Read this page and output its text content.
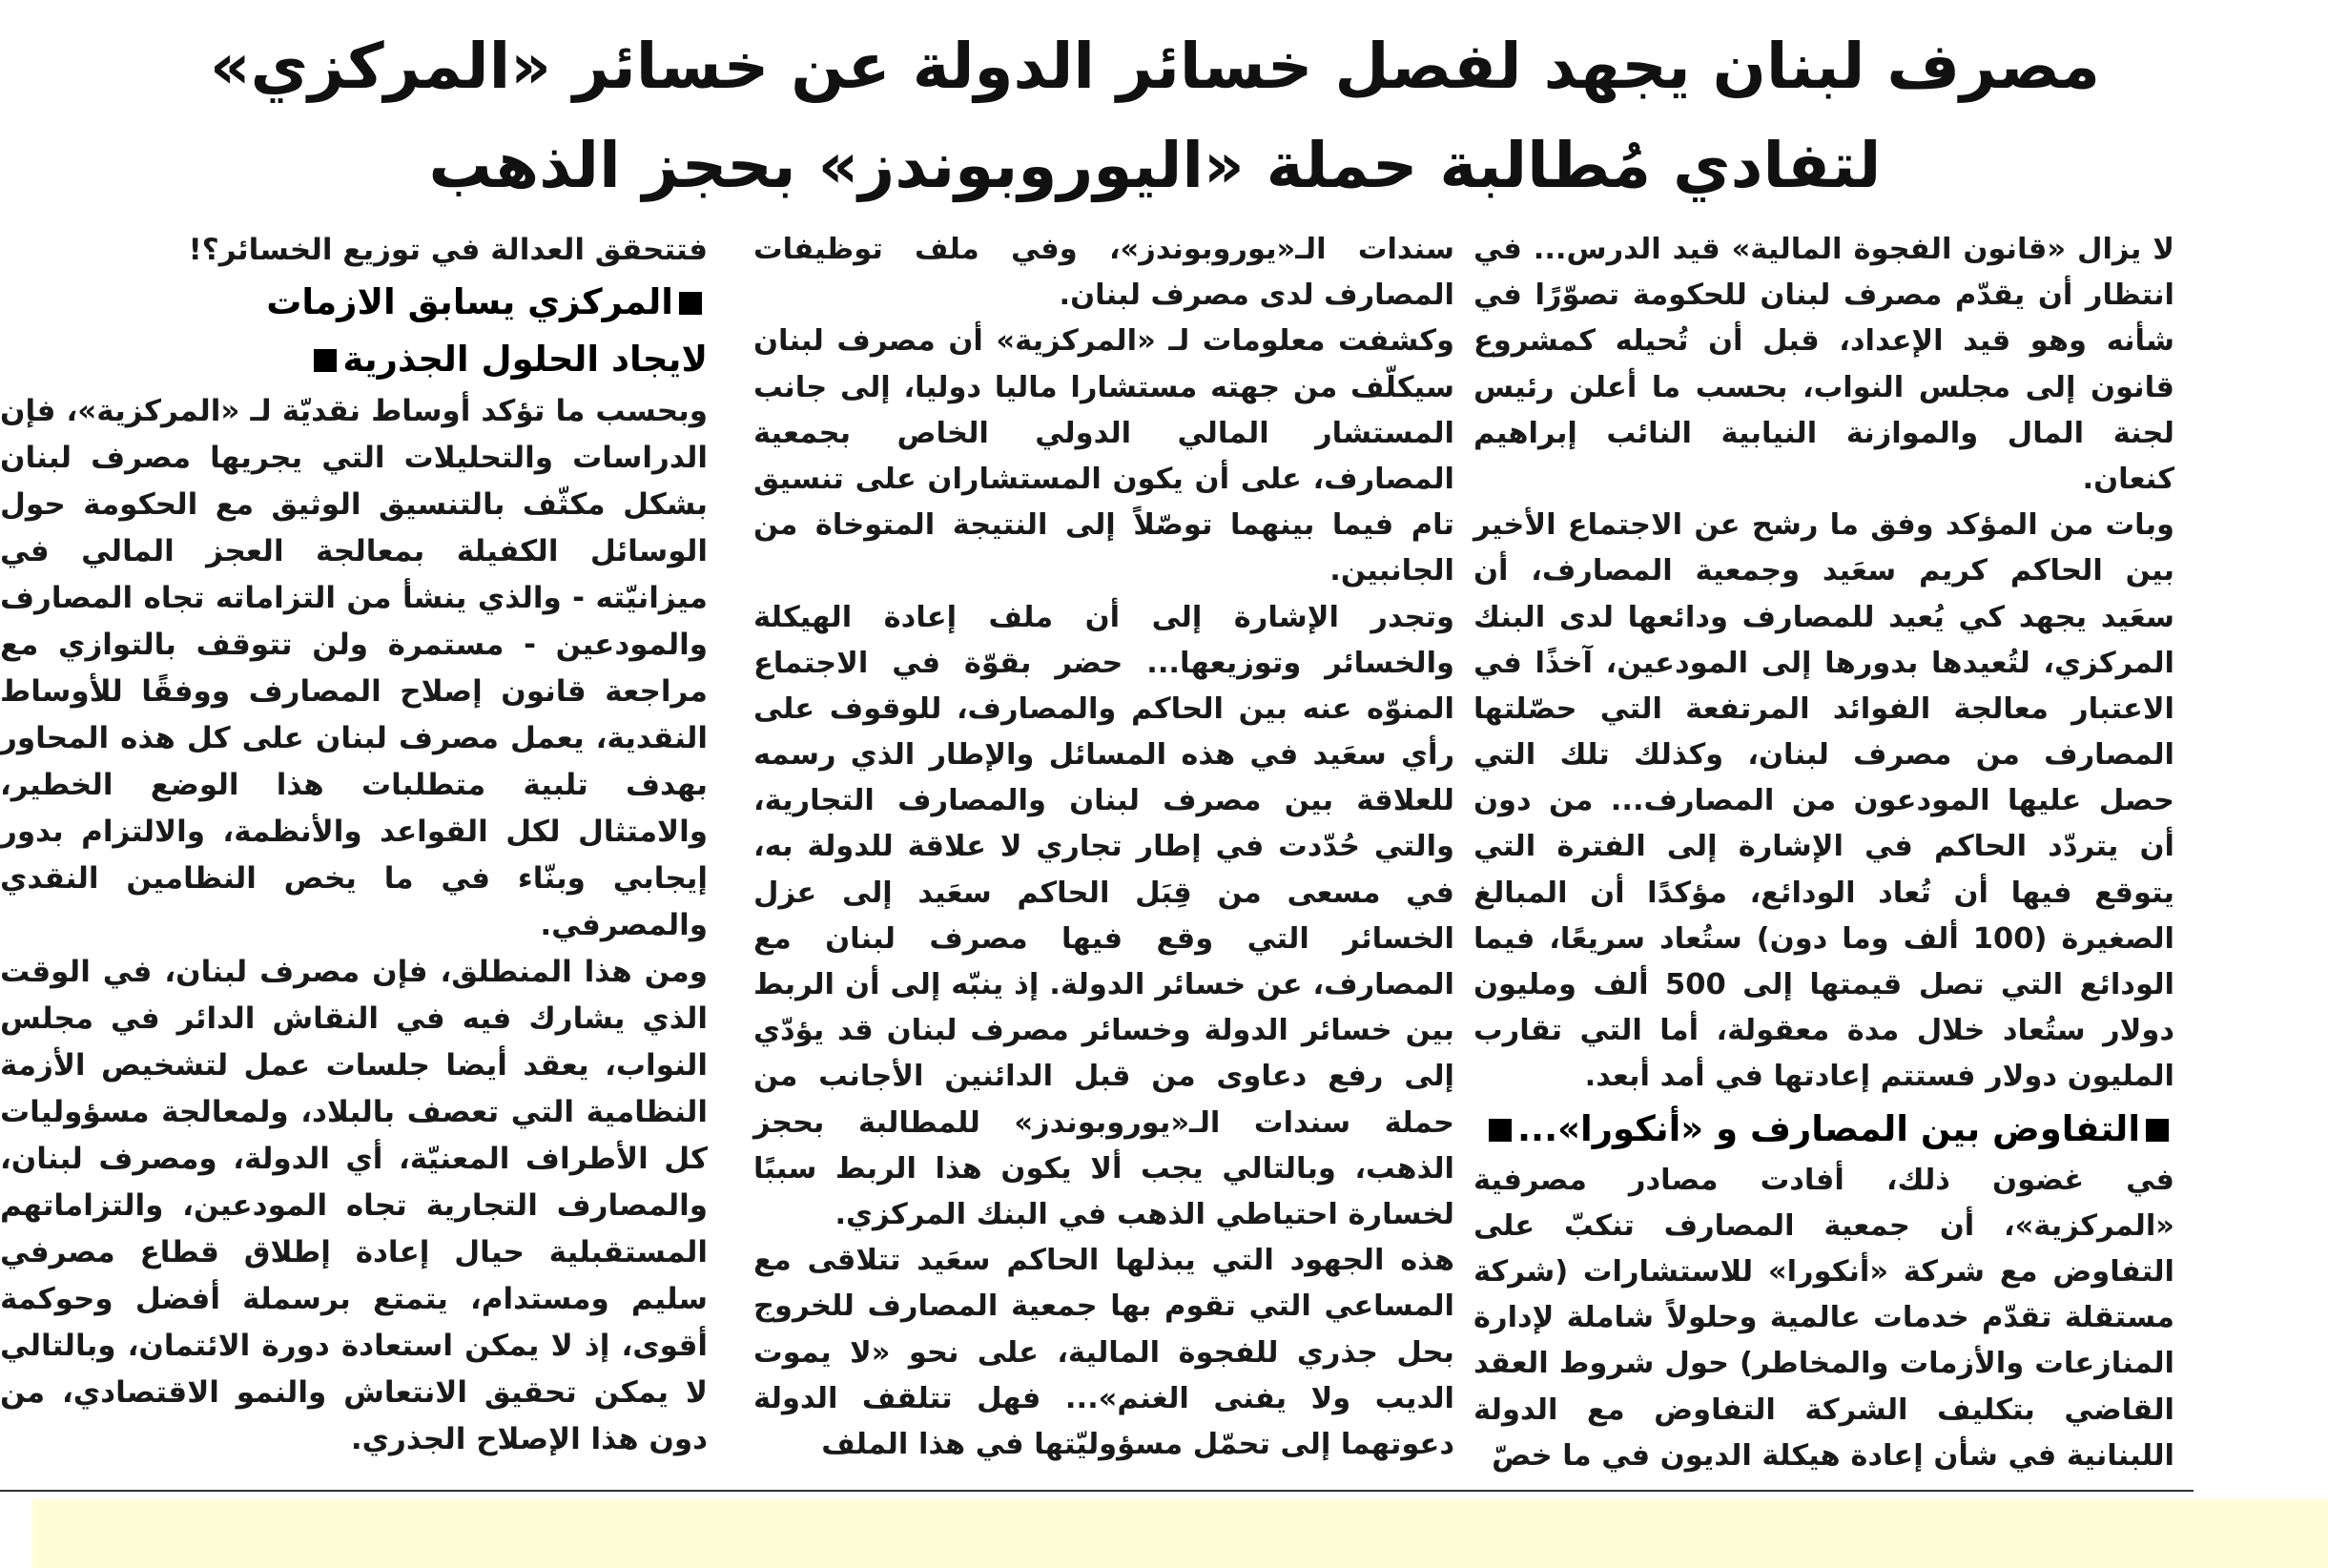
مصرف لبنان يجهد لفصل خسائر الدولة عن خسائر «المركزي»
لتفادي مُطالبة حملة «اليوروبوندز» بحجز الذهب

لا يزال «قانون الفجوة المالية» قيد الدرس... في انتظار أن يقدّم مصرف لبنان للحكومة تصوّرًا في شأنه وهو قيد الإعداد، قبل أن تُحيله كمشروع قانون إلى مجلس النواب، بحسب ما أعلن رئيس لجنة المال والموازنة النيابية النائب إبراهيم كنعان.

وبات من المؤكد وفق ما رشح عن الاجتماع الأخير بين الحاكم كريم سعَيد وجمعية المصارف، أن سعَيد يجهد كي يُعيد للمصارف ودائعها لدى البنك المركزي، لتُعيدها بدورها إلى المودعين، آخذًا في الاعتبار معالجة الفوائد المرتفعة التي حصّلتها المصارف من مصرف لبنان، وكذلك تلك التي حصل عليها المودعون من المصارف... من دون أن يتردّد الحاكم في الإشارة إلى الفترة التي يتوقع فيها أن تُعاد الودائع، مؤكدًا أن المبالغ الصغيرة (100 ألف وما دون) ستُعاد سريعًا، فيما الودائع التي تصل قيمتها إلى 500 ألف ومليون دولار ستُعاد خلال مدة معقولة، أما التي تقارب المليون دولار فستتم إعادتها في أمد أبعد.

التفاوض بين المصارف و «أنكورا»...

في غضون ذلك، أفادت مصادر مصرفية «المركزية»، أن جمعية المصارف تنكبّ على التفاوض مع شركة «أنكورا» للاستشارات (شركة مستقلة تقدّم خدمات عالمية وحلولاً شاملة لإدارة المنازعات والأزمات والمخاطر) حول شروط العقد القاضي بتكليف الشركة التفاوض مع الدولة اللبنانية في شأن إعادة هيكلة الديون في ما خصّ

سندات الـ«يوروبوندز»، وفي ملف توظيفات المصارف لدى مصرف لبنان.

وكشفت معلومات لـ «المركزية» أن مصرف لبنان سيكلّف من جهته مستشارا ماليا دوليا، إلى جانب المستشار المالي الدولي الخاص بجمعية المصارف، على أن يكون المستشاران على تنسيق تام فيما بينهما توصّلاً إلى النتيجة المتوخاة من الجانبين.

وتجدر الإشارة إلى أن ملف إعادة الهيكلة والخسائر وتوزيعها... حضر بقوّة في الاجتماع المنوّه عنه بين الحاكم والمصارف، للوقوف على رأي سعَيد في هذه المسائل والإطار الذي رسمه للعلاقة بين مصرف لبنان والمصارف التجارية، والتي حُدّدت في إطار تجاري لا علاقة للدولة به، في مسعى من قِبَل الحاكم سعَيد إلى عزل الخسائر التي وقع فيها مصرف لبنان مع المصارف، عن خسائر الدولة. إذ ينبّه إلى أن الربط بين خسائر الدولة وخسائر مصرف لبنان قد يؤدّي إلى رفع دعاوى من قبل الدائنين الأجانب من حملة سندات الـ«يوروبوندز» للمطالبة بحجز الذهب، وبالتالي يجب ألا يكون هذا الربط سببًا لخسارة احتياطي الذهب في البنك المركزي.

هذه الجهود التي يبذلها الحاكم سعَيد تتلاقى مع المساعي التي تقوم بها جمعية المصارف للخروج بحل جذري للفجوة المالية، على نحو «لا يموت الديب ولا يفنى الغنم»... فهل تتلقف الدولة دعوتهما إلى تحمّل مسؤوليّتها في هذا الملف

فتتحقق العدالة في توزيع الخسائر؟!

المركزي يسابق الازمات
لايجاد الحلول الجذرية

وبحسب ما تؤكد أوساط نقديّة لـ «المركزية»، فإن الدراسات والتحليلات التي يجريها مصرف لبنان بشكل مكثّف بالتنسيق الوثيق مع الحكومة حول الوسائل الكفيلة بمعالجة العجز المالي في ميزانيّته - والذي ينشأ من التزاماته تجاه المصارف والمودعين - مستمرة ولن تتوقف بالتوازي مع مراجعة قانون إصلاح المصارف ووفقًا للأوساط النقدية، يعمل مصرف لبنان على كل هذه المحاور بهدف تلبية متطلبات هذا الوضع الخطير، والامتثال لكل القواعد والأنظمة، والالتزام بدور إيجابي وبنّاء في ما يخص النظامين النقدي والمصرفي.

ومن هذا المنطلق، فإن مصرف لبنان، في الوقت الذي يشارك فيه في النقاش الدائر في مجلس النواب، يعقد أيضا جلسات عمل لتشخيص الأزمة النظامية التي تعصف بالبلاد، ولمعالجة مسؤوليات كل الأطراف المعنيّة، أي الدولة، ومصرف لبنان، والمصارف التجارية تجاه المودعين، والتزاماتهم المستقبلية حيال إعادة إطلاق قطاع مصرفي سليم ومستدام، يتمتع برسملة أفضل وحوكمة أقوى، إذ لا يمكن استعادة دورة الائتمان، وبالتالي لا يمكن تحقيق الانتعاش والنمو الاقتصادي، من دون هذا الإصلاح الجذري.
